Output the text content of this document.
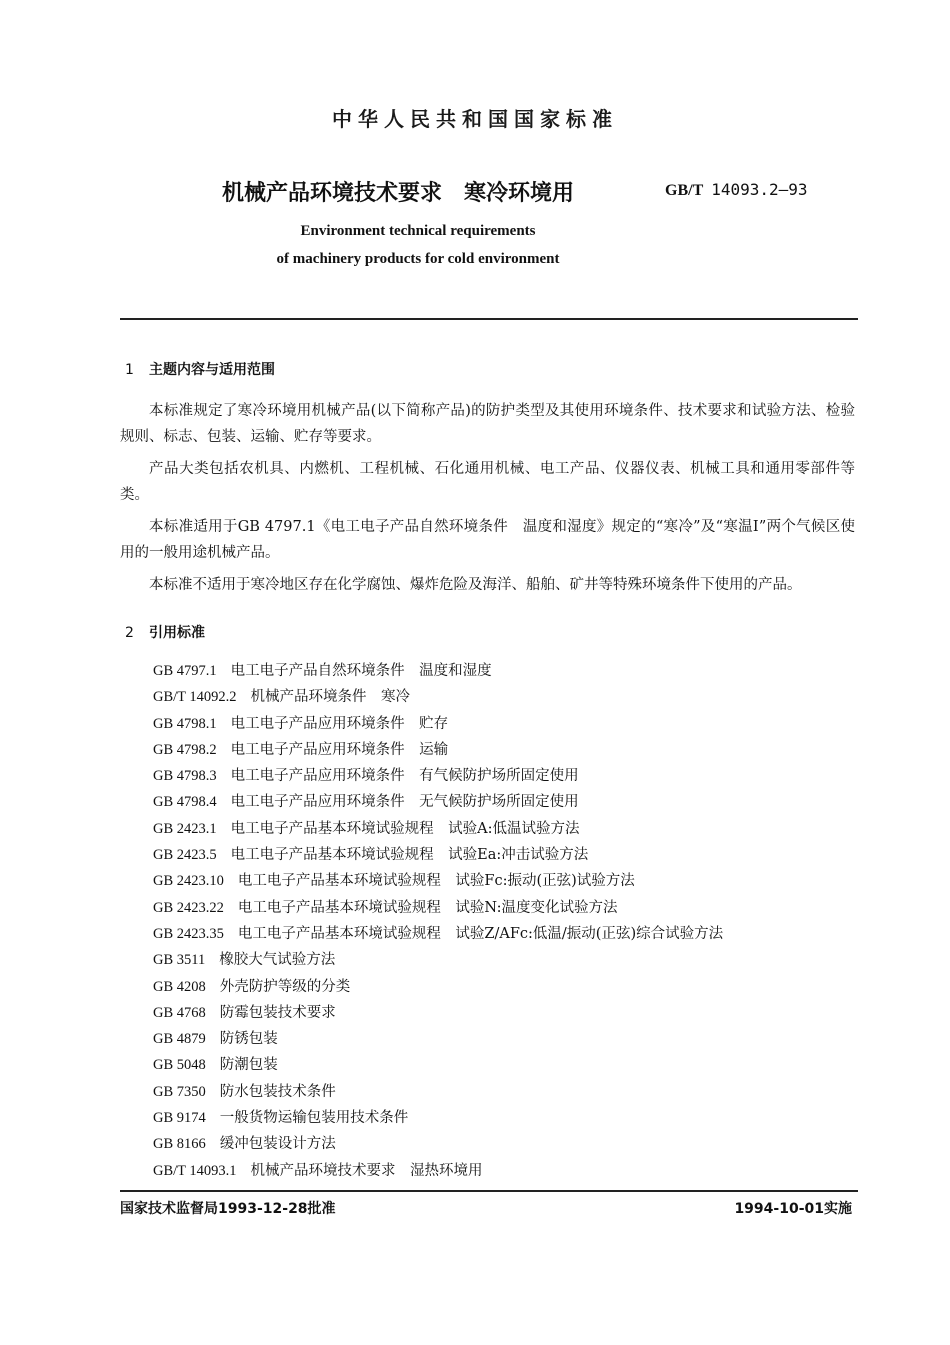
中华人民共和国国家标准
机械产品环境技术要求　寒冷环境用	GB/T 14093.2—93
Environment technical requirements
of machinery products for cold environment
1 主题内容与适用范围

本标准规定了寒冷环境用机械产品(以下简称产品)的防护类型及其使用环境条件、技术要求和试验方法、检验规则、标志、包装、运输、贮存等要求。

产品大类包括农机具、内燃机、工程机械、石化通用机械、电工产品、仪器仪表、机械工具和通用零部件等类。

本标准适用于GB 4797.1《电工电子产品自然环境条件　温度和湿度》规定的“寒冷”及“寒温Ⅰ”两个气候区使用的一般用途机械产品。

本标准不适用于寒冷地区存在化学腐蚀、爆炸危险及海洋、船舶、矿井等特殊环境条件下使用的产品。

2 引用标准
GB 4797.1 电工电子产品自然环境条件　温度和湿度
GB/T 14092.2 机械产品环境条件　寒冷
GB 4798.1 电工电子产品应用环境条件　贮存
GB 4798.2 电工电子产品应用环境条件　运输
GB 4798.3 电工电子产品应用环境条件　有气候防护场所固定使用
GB 4798.4 电工电子产品应用环境条件　无气候防护场所固定使用
GB 2423.1 电工电子产品基本环境试验规程　试验A:低温试验方法
GB 2423.5 电工电子产品基本环境试验规程　试验Ea:冲击试验方法
GB 2423.10 电工电子产品基本环境试验规程　试验Fc:振动(正弦)试验方法
GB 2423.22 电工电子产品基本环境试验规程　试验N:温度变化试验方法
GB 2423.35 电工电子产品基本环境试验规程　试验Z/AFc:低温/振动(正弦)综合试验方法
GB 3511 橡胶大气试验方法
GB 4208 外壳防护等级的分类
GB 4768 防霉包装技术要求
GB 4879 防锈包装
GB 5048 防潮包装
GB 7350 防水包装技术条件
GB 9174 一般货物运输包装用技术条件
GB 8166 缓冲包装设计方法
GB/T 14093.1 机械产品环境技术要求　湿热环境用
国家技术监督局1993-12-28批准	1994-10-01实施
